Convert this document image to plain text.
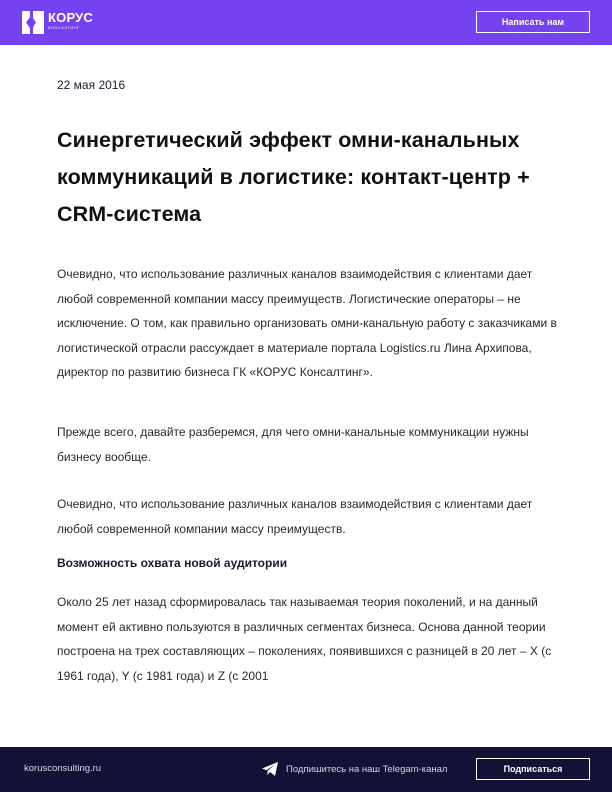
КОРУС
КОНСАЛТИНГ
Написать нам
22 мая 2016
Синергетический эффект омни-канальных коммуникаций в логистике: контакт-центр + CRM-система

Очевидно, что использование различных каналов взаимодействия с клиентами дает любой современной компании массу преимуществ. Логистические операторы – не исключение. О том, как правильно организовать омни-канальную работу с заказчиками в логистической отрасли рассуждает в материале портала Logistics.ru Лина Архипова, директор по развитию бизнеса ГК «КОРУС Консалтинг».

Прежде всего, давайте разберемся, для чего омни-канальные коммуникации нужны бизнесу вообще.

Очевидно, что использование различных каналов взаимодействия с клиентами дает любой современной компании массу преимуществ.

Возможность охвата новой аудитории

Около 25 лет назад сформировалась так называемая теория поколений, и на данный момент ей активно пользуются в различных сегментах бизнеса. Основа данной теории построена на трех составляющих – поколениях, появившихся с разницей в 20 лет – X (с 1961 года), Y (с 1981 года) и Z (с 2001

korusconsulting.ru	Подпишитесь на наш Telegam-канал	Подписаться
